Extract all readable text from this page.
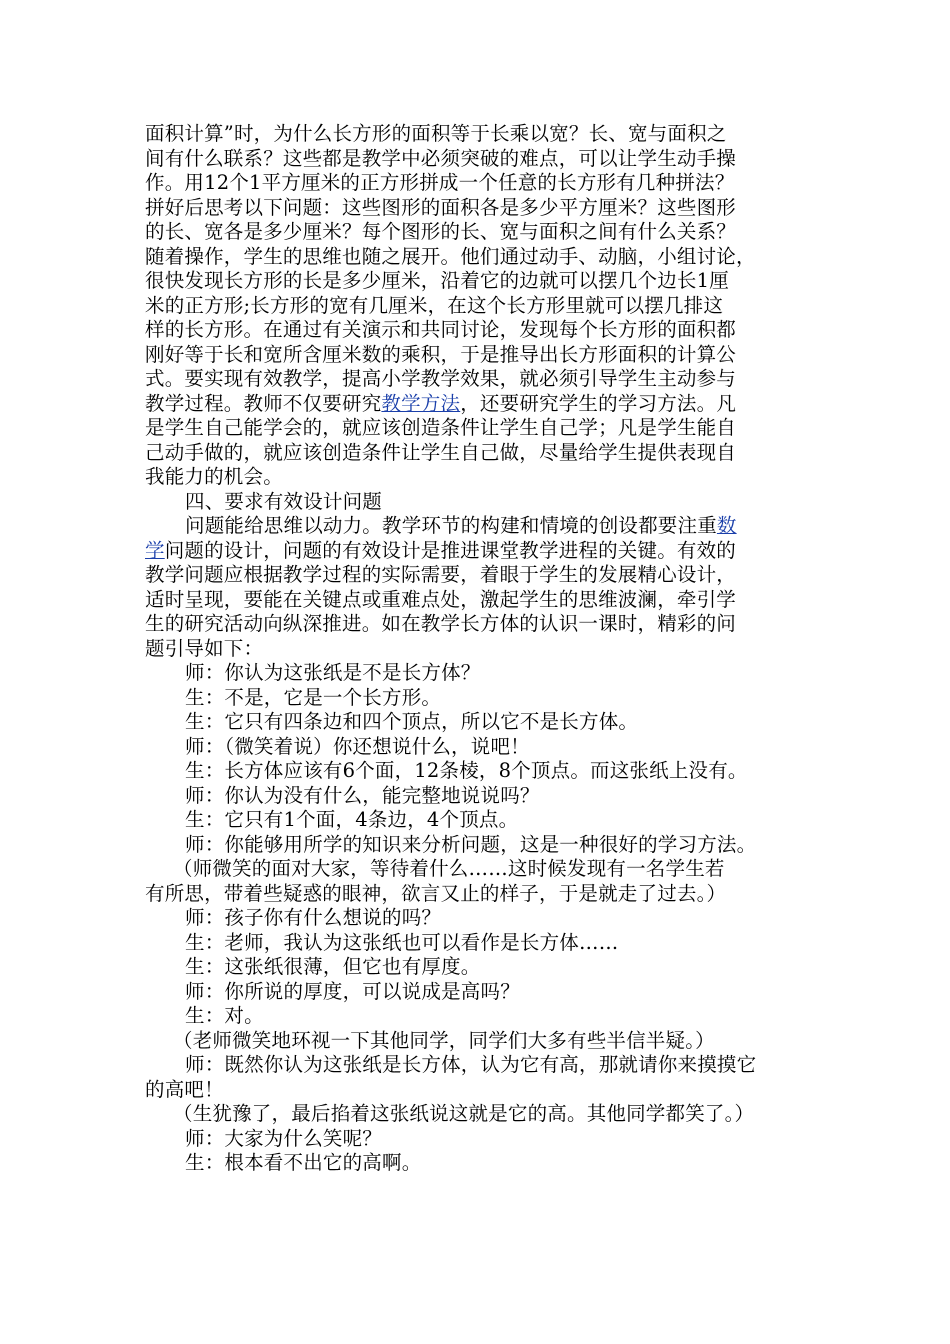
面积计算”时，为什么长方形的面积等于长乘以宽？长、宽与面积之
间有什么联系？这些都是教学中必须突破的难点，可以让学生动手操
作。用12个1平方厘米的正方形拼成一个任意的长方形有几种拼法？
拼好后思考以下问题：这些图形的面积各是多少平方厘米？这些图形
的长、宽各是多少厘米？每个图形的长、宽与面积之间有什么关系？
随着操作，学生的思维也随之展开。他们通过动手、动脑，小组讨论，
很快发现长方形的长是多少厘米，沿着它的边就可以摆几个边长1厘
米的正方形;长方形的宽有几厘米，在这个长方形里就可以摆几排这
样的长方形。在通过有关演示和共同讨论，发现每个长方形的面积都
刚好等于长和宽所含厘米数的乘积，于是推导出长方形面积的计算公
式。要实现有效教学，提高小学教学效果，就必须引导学生主动参与
教学过程。教师不仅要研究教学方法，还要研究学生的学习方法。凡
是学生自己能学会的，就应该创造条件让学生自己学；凡是学生能自
己动手做的，就应该创造条件让学生自己做，尽量给学生提供表现自
我能力的机会。
四、要求有效设计问题
问题能给思维以动力。教学环节的构建和情境的创设都要注重数
学问题的设计，问题的有效设计是推进课堂教学进程的关键。有效的
教学问题应根据教学过程的实际需要，着眼于学生的发展精心设计，
适时呈现，要能在关键点或重难点处，激起学生的思维波澜，牵引学
生的研究活动向纵深推进。如在教学长方体的认识一课时，精彩的问
题引导如下：
师：你认为这张纸是不是长方体？
生：不是，它是一个长方形。
生：它只有四条边和四个顶点，所以它不是长方体。
师：（微笑着说）你还想说什么，说吧！
生：长方体应该有6个面，12条棱，8个顶点。而这张纸上没有。
师：你认为没有什么，能完整地说说吗？
生：它只有1个面，4条边，4个顶点。
师：你能够用所学的知识来分析问题，这是一种很好的学习方法。
（师微笑的面对大家，等待着什么……这时候发现有一名学生若
有所思，带着些疑惑的眼神，欲言又止的样子，于是就走了过去。）
师：孩子你有什么想说的吗？
生：老师，我认为这张纸也可以看作是长方体……
生：这张纸很薄，但它也有厚度。
师：你所说的厚度，可以说成是高吗？
生：对。
（老师微笑地环视一下其他同学，同学们大多有些半信半疑。）
师：既然你认为这张纸是长方体，认为它有高，那就请你来摸摸它
的高吧！
（生犹豫了，最后掐着这张纸说这就是它的高。其他同学都笑了。）
师：大家为什么笑呢？
生：根本看不出它的高啊。
